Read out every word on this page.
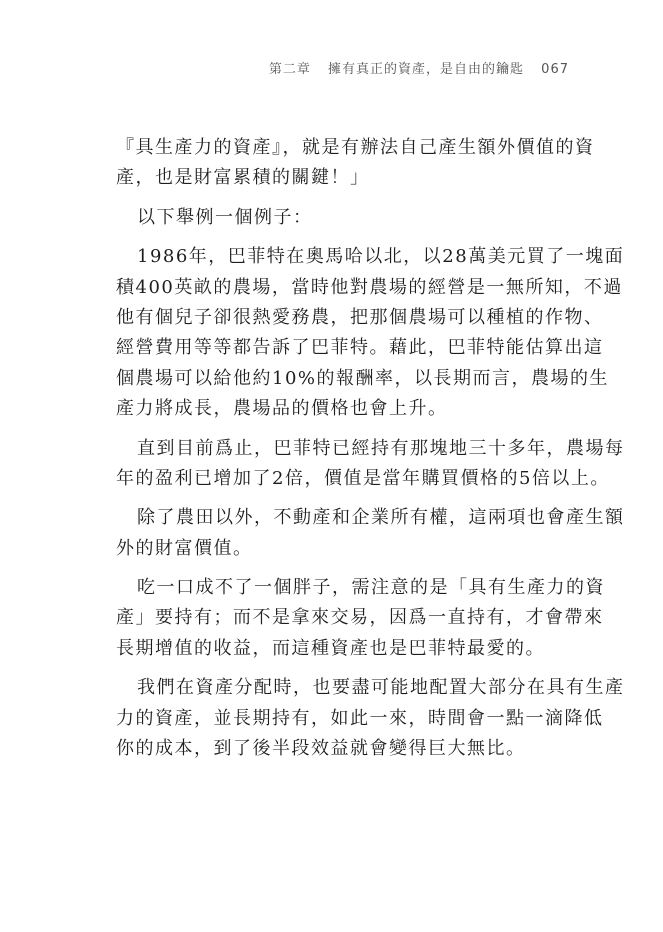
第二章 擁有真正的資產，是自由的鑰匙 067
『具生產力的資產』，就是有辦法自己產生額外價值的資
產，也是財富累積的關鍵！」
以下舉例一個例子：
1986年，巴菲特在奧馬哈以北，以28萬美元買了一塊面
積400英畝的農場，當時他對農場的經營是一無所知，不過
他有個兒子卻很熱愛務農，把那個農場可以種植的作物、
經營費用等等都告訴了巴菲特。藉此，巴菲特能估算出這
個農場可以給他約10%的報酬率，以長期而言，農場的生
產力將成長，農場品的價格也會上升。
直到目前爲止，巴菲特已經持有那塊地三十多年，農場每
年的盈利已增加了2倍，價值是當年購買價格的5倍以上。
除了農田以外，不動產和企業所有權，這兩項也會產生額
外的財富價值。
吃一口成不了一個胖子，需注意的是「具有生產力的資
產」要持有；而不是拿來交易，因爲一直持有，才會帶來
長期增值的收益，而這種資產也是巴菲特最愛的。
我們在資產分配時，也要盡可能地配置大部分在具有生產
力的資產，並長期持有，如此一來，時間會一點一滴降低
你的成本，到了後半段效益就會變得巨大無比。
